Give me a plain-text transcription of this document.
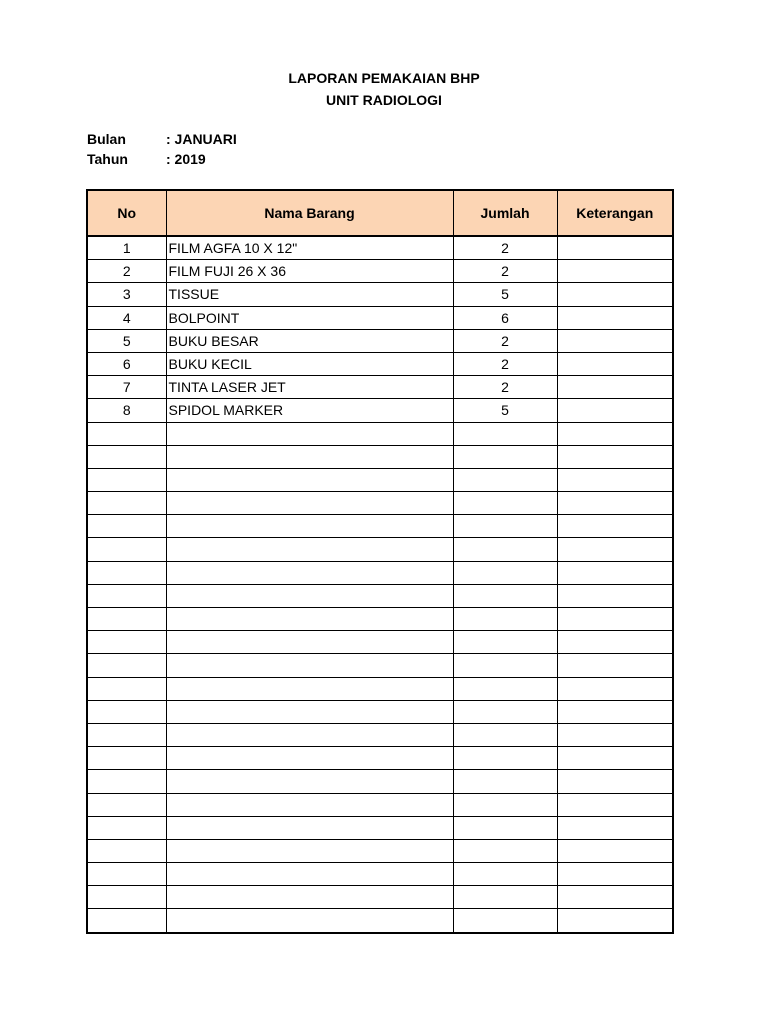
LAPORAN PEMAKAIAN BHP
UNIT RADIOLOGI
Bulan	: JANUARI
Tahun	: 2019
No	Nama Barang	Jumlah	Keterangan
1	FILM AGFA 10 X 12"	2	
2	FILM FUJI 26 X 36	2	
3	TISSUE	5	
4	BOLPOINT	6	
5	BUKU BESAR	2	
6	BUKU KECIL	2	
7	TINTA LASER JET	2	
8	SPIDOL MARKER	5	
